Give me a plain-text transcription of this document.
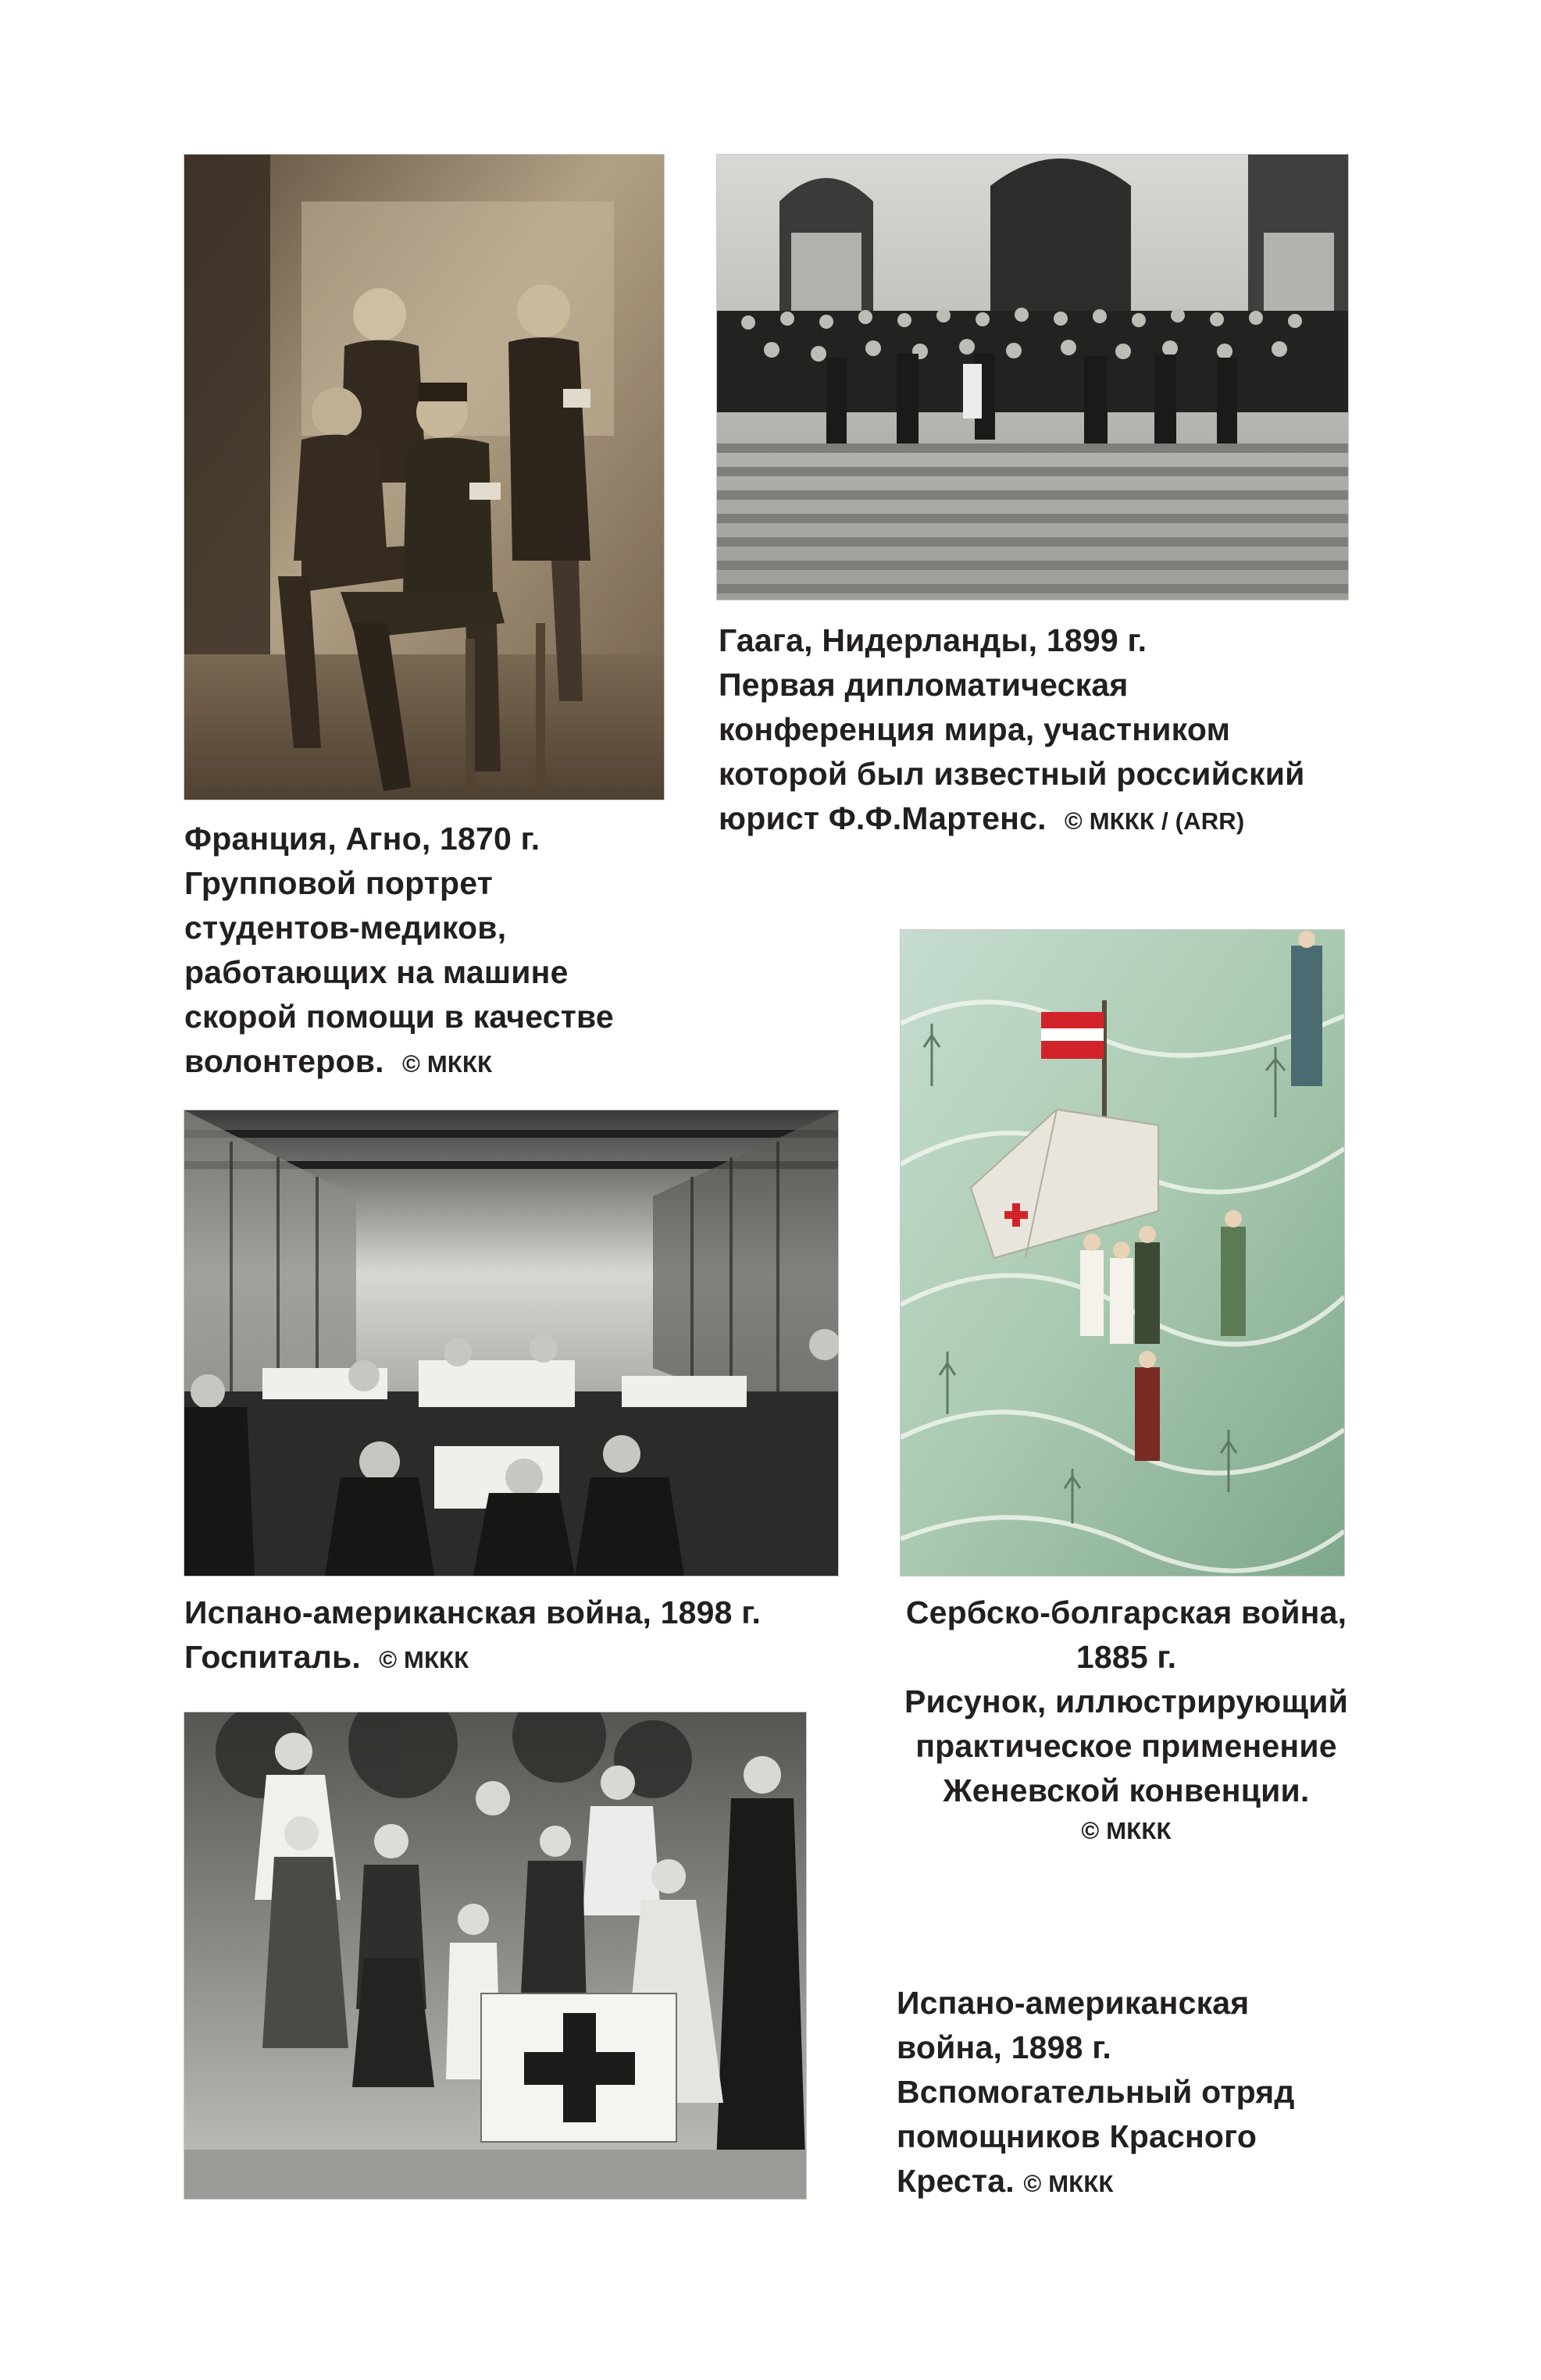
Франция, Агно, 1870 г.
Групповой портрет
студентов-медиков,
работающих на машине
скорой помощи в качестве
волонтеров. © МККК

Гаага, Нидерланды, 1899 г.
Первая дипломатическая
конференция мира, участником
которой был известный российский
юрист Ф.Ф.Мартенс. © МККК / (ARR)

Испано-американская война, 1898 г.
Госпиталь. © МККК

Сербско-болгарская война,
1885 г.
Рисунок, иллюстрирующий
практическое применение
Женевской конвенции.
© МККК

Испано-американская
война, 1898 г.
Вспомогательный отряд
помощников Красного
Креста. © МККК
